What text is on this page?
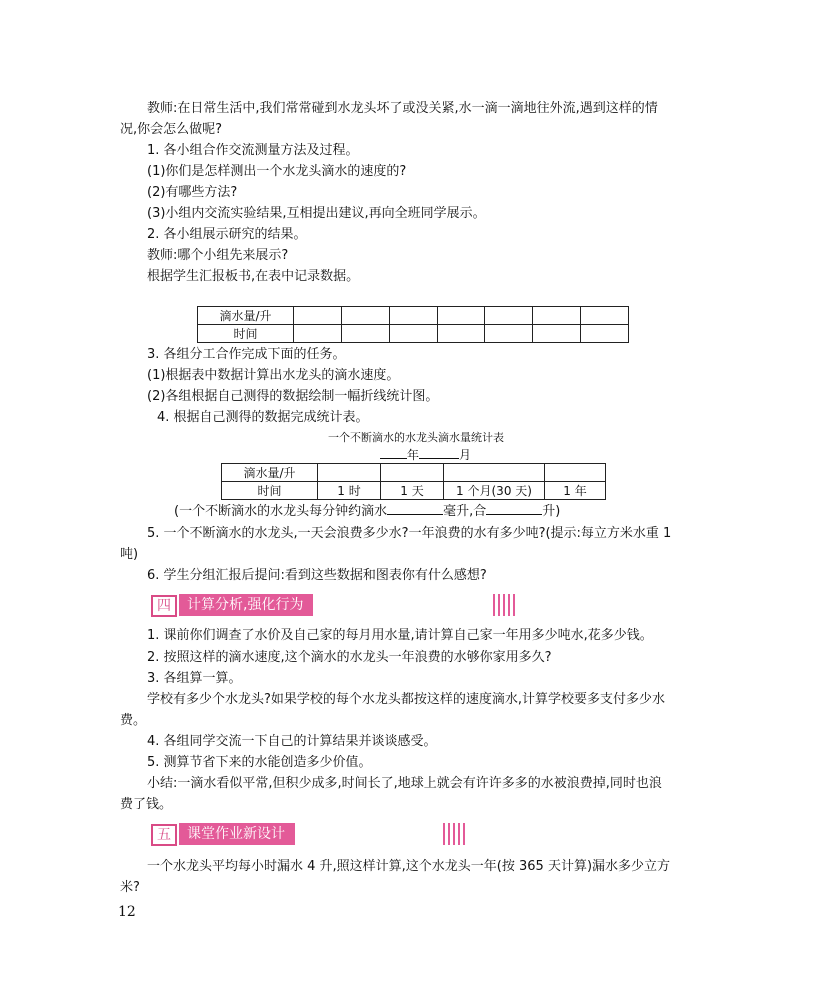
教师:在日常生活中,我们常常碰到水龙头坏了或没关紧,水一滴一滴地往外流,遇到这样的情
况,你会怎么做呢?
1. 各小组合作交流测量方法及过程。
(1)你们是怎样测出一个水龙头滴水的速度的?
(2)有哪些方法?
(3)小组内交流实验结果,互相提出建议,再向全班同学展示。
2. 各小组展示研究的结果。
教师:哪个小组先来展示?
根据学生汇报板书,在表中记录数据。
滴水量/升							
时间							
3. 各组分工合作完成下面的任务。
(1)根据表中数据计算出水龙头的滴水速度。
(2)各组根据自己测得的数据绘制一幅折线统计图。
4. 根据自己测得的数据完成统计表。
一个不断滴水的水龙头滴水量统计表
年	月
滴水量/升				
时间	1 时	1 天	1 个月(30 天)	1 年
(一个不断滴水的水龙头每分钟约滴水	毫升,合	升)
5. 一个不断滴水的水龙头,一天会浪费多少水?一年浪费的水有多少吨?(提示:每立方米水重 1
吨)
6. 学生分组汇报后提问:看到这些数据和图表你有什么感想?
四	计算分析,强化行为
1. 课前你们调查了水价及自己家的每月用水量,请计算自己家一年用多少吨水,花多少钱。
2. 按照这样的滴水速度,这个滴水的水龙头一年浪费的水够你家用多久?
3. 各组算一算。
学校有多少个水龙头?如果学校的每个水龙头都按这样的速度滴水,计算学校要多支付多少水
费。
4. 各组同学交流一下自己的计算结果并谈谈感受。
5. 测算节省下来的水能创造多少价值。
小结:一滴水看似平常,但积少成多,时间长了,地球上就会有许许多多的水被浪费掉,同时也浪
费了钱。
五	课堂作业新设计
一个水龙头平均每小时漏水 4 升,照这样计算,这个水龙头一年(按 365 天计算)漏水多少立方
米?
12
